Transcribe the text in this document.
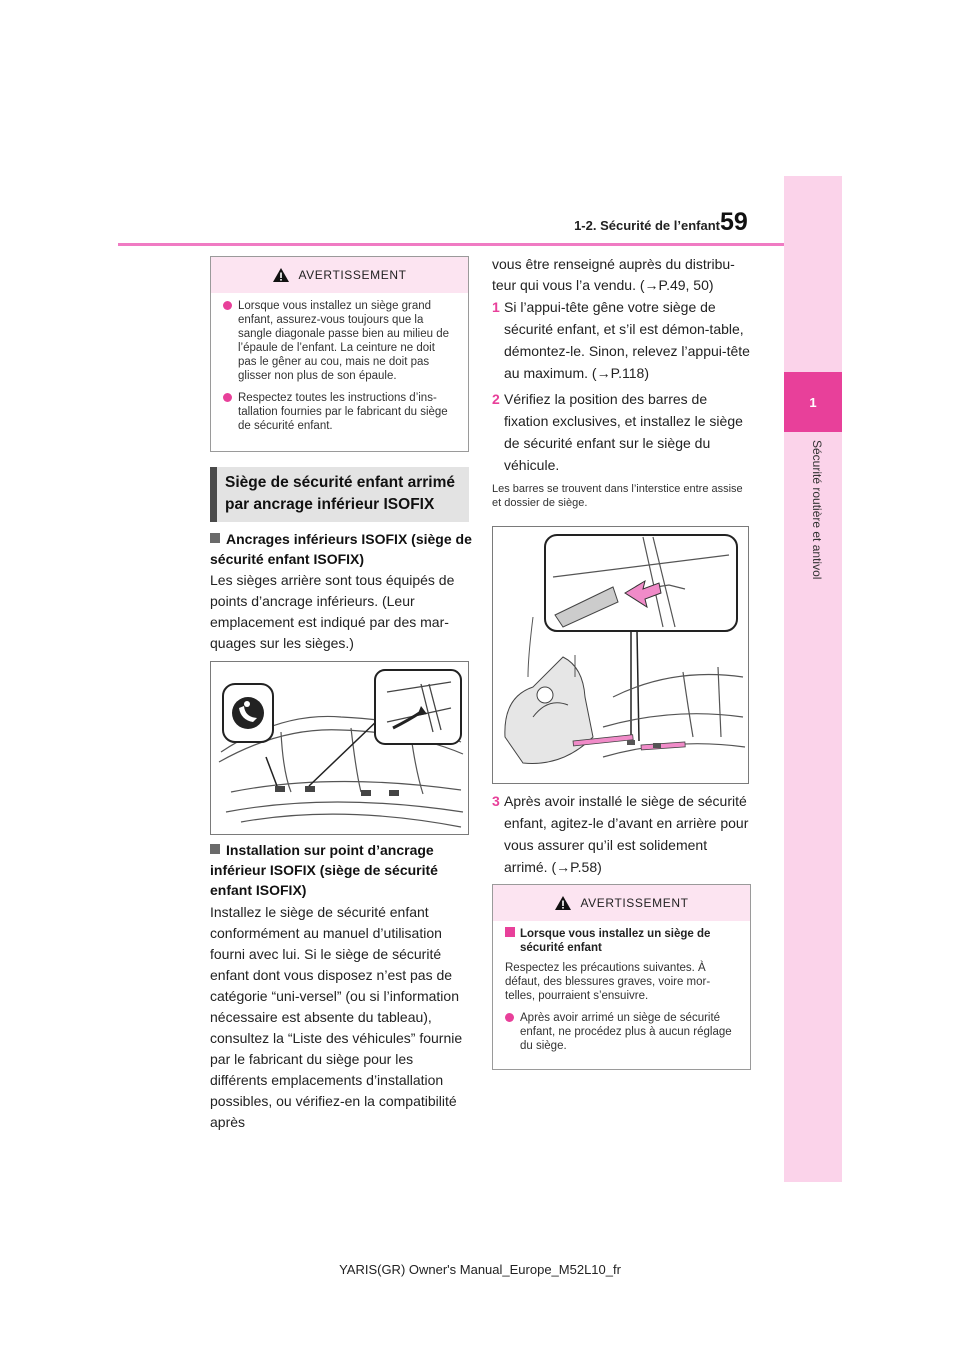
1-2. Sécurité de l’enfant 59
1
Sécurité routière et antivol
AVERTISSEMENT
Lorsque vous installez un siège grand enfant, assurez-vous toujours que la sangle diagonale passe bien au milieu de l’épaule de l’enfant. La ceinture ne doit pas le gêner au cou, mais ne doit pas glisser non plus de son épaule.
Respectez toutes les instructions d’ins-tallation fournies par le fabricant du siège de sécurité enfant.
Siège de sécurité enfant arrimé par ancrage inférieur ISOFIX
Ancrages inférieurs ISOFIX (siège de sécurité enfant ISOFIX)
Les sièges arrière sont tous équipés de points d’ancrage inférieurs. (Leur emplacement est indiqué par des mar-quages sur les sièges.)
Installation sur point d’ancrage inférieur ISOFIX (siège de sécurité enfant ISOFIX)
Installez le siège de sécurité enfant conformément au manuel d’utilisation fourni avec lui. Si le siège de sécurité enfant dont vous disposez n’est pas de catégorie “uni-versel” (ou si l’information nécessaire est absente du tableau), consultez la “Liste des véhicules” fournie par le fabricant du siège pour les différents emplacements d’installation possibles, ou vérifiez-en la compatibilité après
vous être renseigné auprès du distribu-teur qui vous l’a vendu. (→P.49, 50)
1 Si l’appui-tête gêne votre siège de sécurité enfant, et s’il est démon-table, démontez-le. Sinon, relevez l’appui-tête au maximum. (→P.118)
2 Vérifiez la position des barres de fixation exclusives, et installez le siège de sécurité enfant sur le siège du véhicule.
Les barres se trouvent dans l’interstice entre assise et dossier de siège.
3 Après avoir installé le siège de sécurité enfant, agitez-le d’avant en arrière pour vous assurer qu’il est solidement arrimé. (→P.58)
AVERTISSEMENT
Lorsque vous installez un siège de sécurité enfant
Respectez les précautions suivantes. À défaut, des blessures graves, voire mor-telles, pourraient s’ensuivre.
Après avoir arrimé un siège de sécurité enfant, ne procédez plus à aucun réglage du siège.
YARIS(GR) Owner's Manual_Europe_M52L10_fr
